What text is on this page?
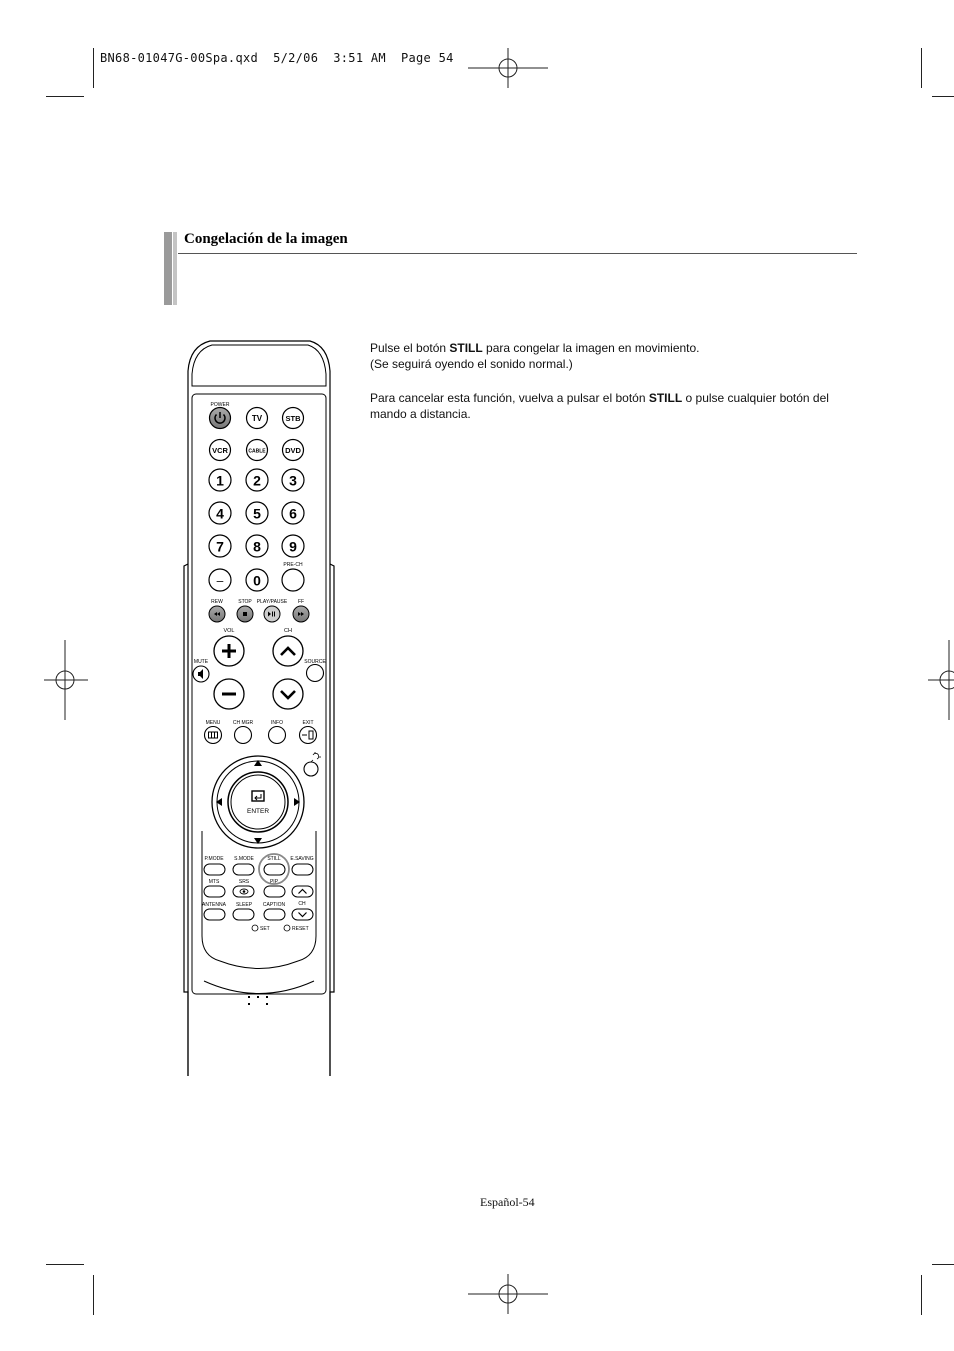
BN68-01047G-00Spa.qxd  5/2/06  3:51 AM  Page 54
Congelación de la imagen
Pulse el botón STILL para congelar la imagen en movimiento.
(Se seguirá oyendo el sonido normal.)
Para cancelar esta función, vuelva a pulsar el botón STILL o pulse cualquier botón del mando a distancia.
POWER
TV	STB
VCR	CABLE	DVD
1 2 3
4 5 6
7 8 9
– 0
PRE-CH
REW	STOP PLAY/PAUSE FF
VOL	CH
MUTE	SOURCE
MENU CH MGR	INFO	EXIT
ENTER
P.MODE S.MODE	STILL E.SAVING
MTS	SRS	PIP
ANTENNA SLEEP CAPTION	CH
SET	RESET
Español-54
